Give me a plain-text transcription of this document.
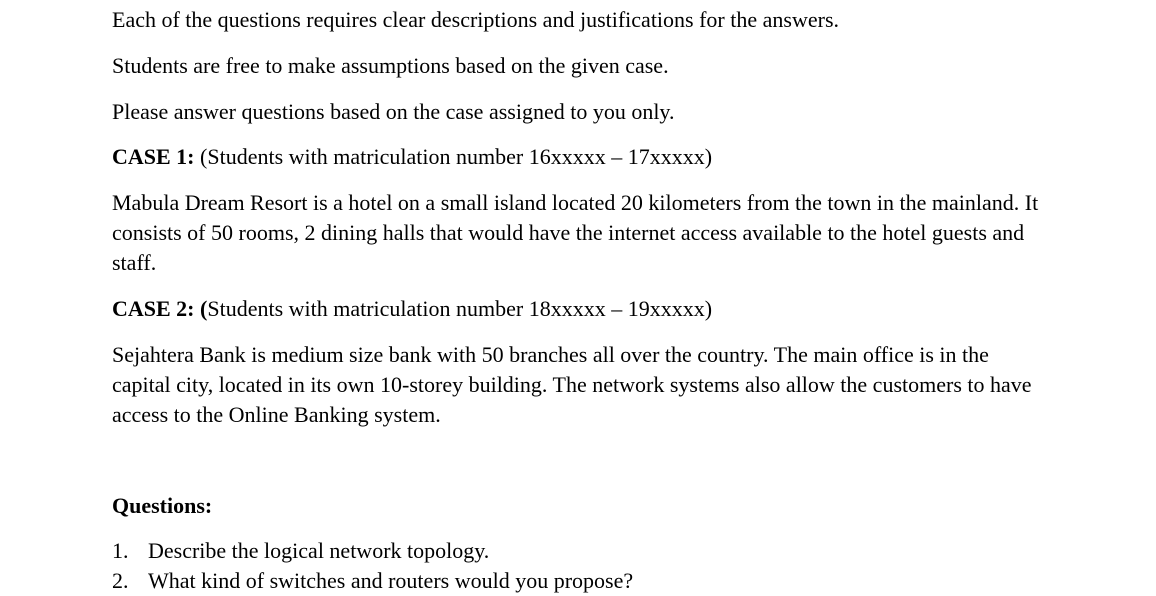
Each of the questions requires clear descriptions and justifications for the answers.
Students are free to make assumptions based on the given case.
Please answer questions based on the case assigned to you only.
CASE 1: (Students with matriculation number 16xxxxx – 17xxxxx)
Mabula Dream Resort is a hotel on a small island located 20 kilometers from the town in the mainland. It consists of 50 rooms, 2 dining halls that would have the internet access available to the hotel guests and staff.
CASE 2: (Students with matriculation number 18xxxxx – 19xxxxx)
Sejahtera Bank is medium size bank with 50 branches all over the country. The main office is in the capital city, located in its own 10-storey building. The network systems also allow the customers to have access to the Online Banking system.
Questions:
1. Describe the logical network topology.
2. What kind of switches and routers would you propose?
